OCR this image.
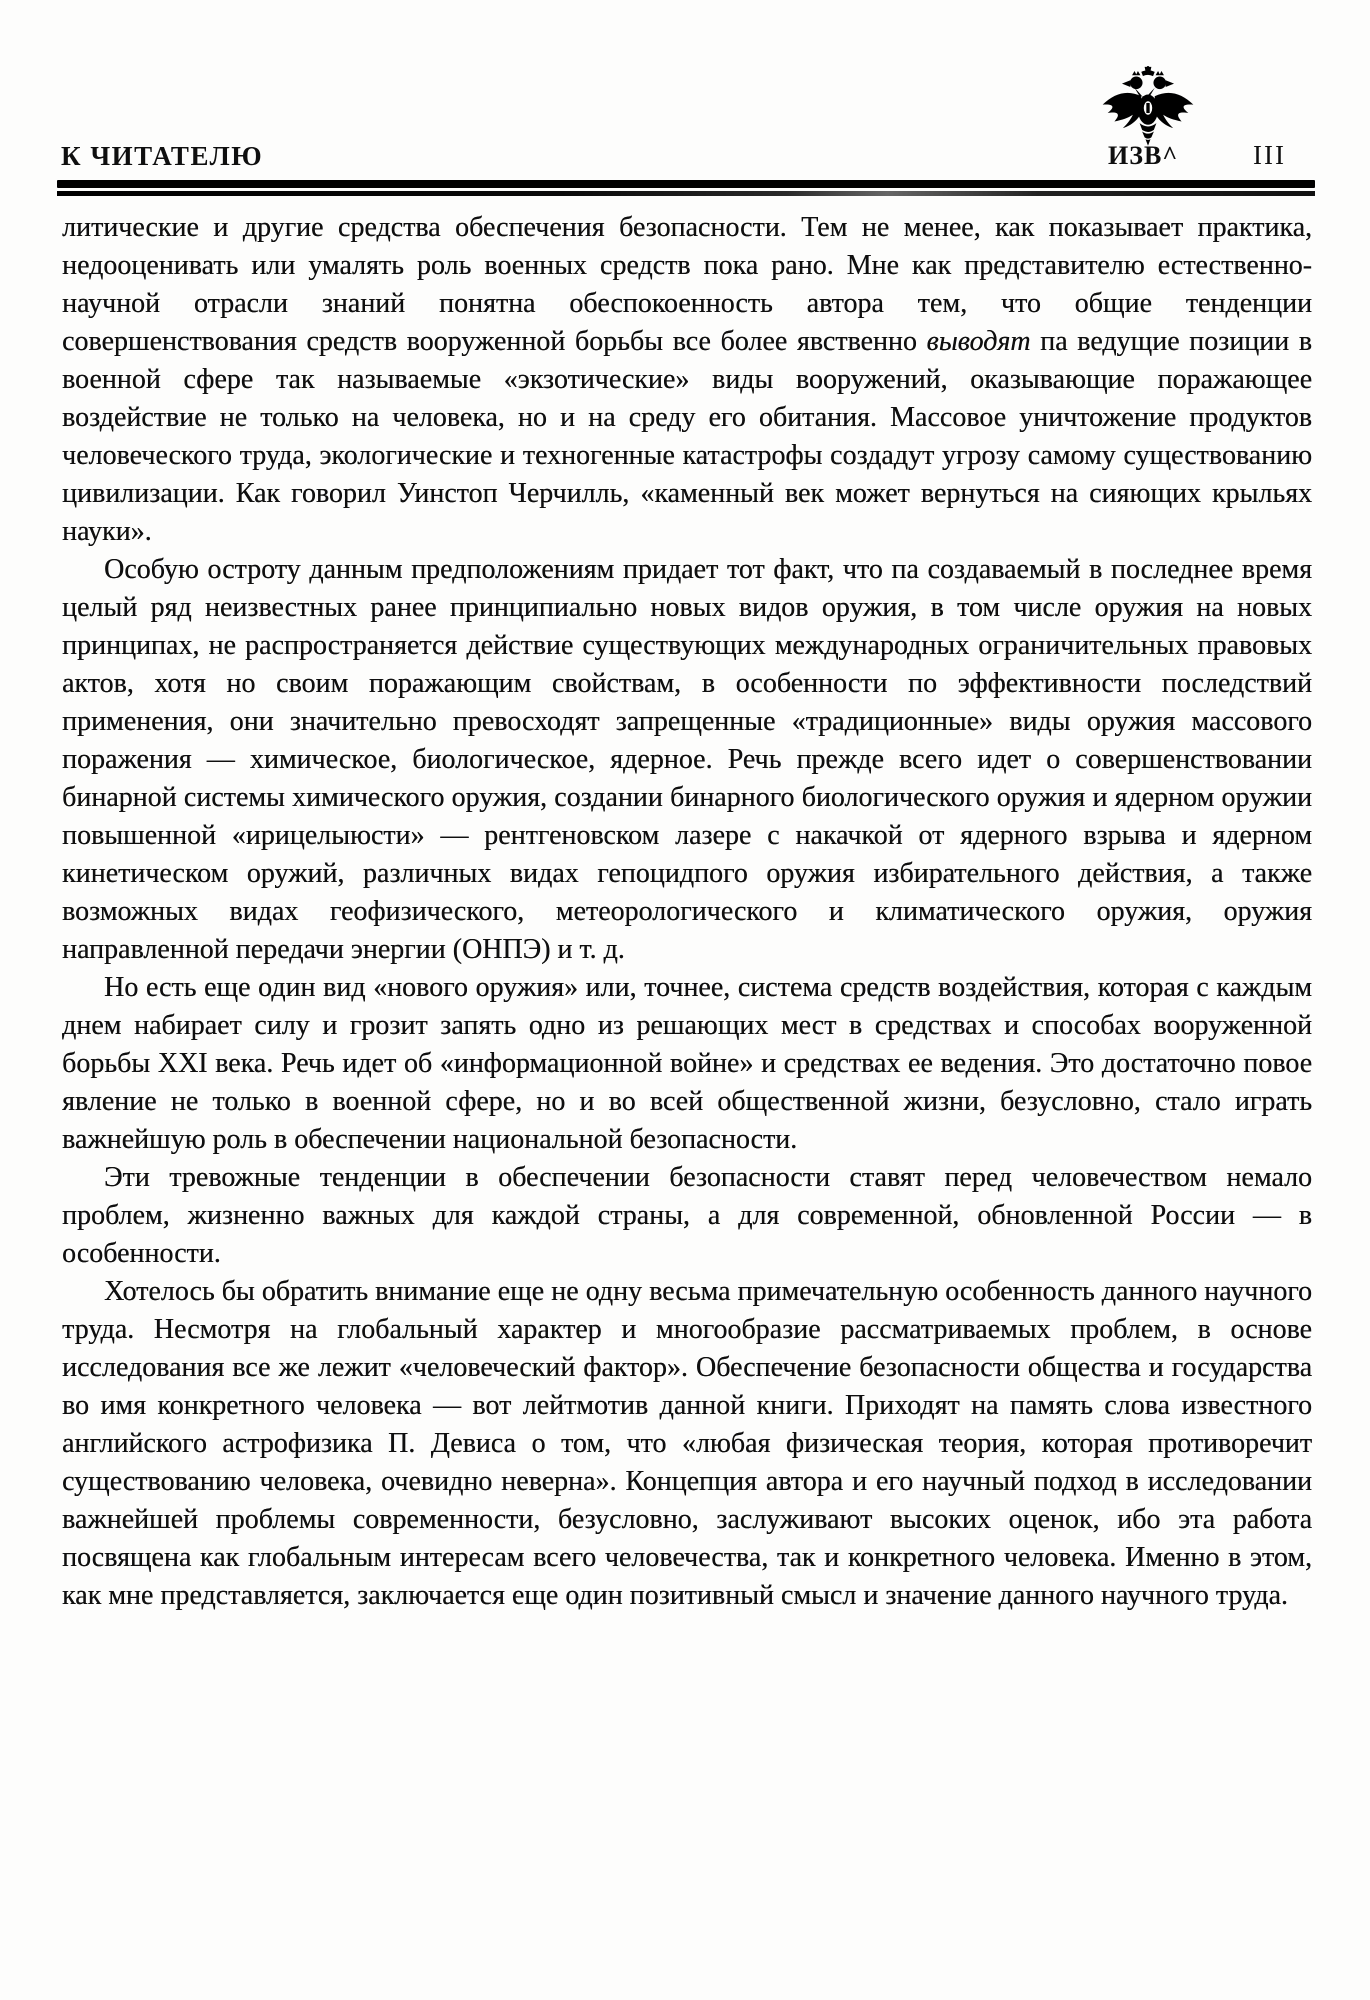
К ЧИТАТЕЛЮ	ИЗВ^	III

литические и другие средства обеспечения безопасности. Тем не менее, как показывает практика, недооценивать или умалять роль военных средств пока рано. Мне как представителю естественно-научной отрасли знаний понятна обеспокоенность автора тем, что общие тенденции совершенствования средств вооруженной борьбы все более явственно выводят па ведущие позиции в военной сфере так называемые «экзотические» виды вооружений, оказывающие поражающее воздействие не только на человека, но и на среду его обитания. Массовое уничтожение продуктов человеческого труда, экологические и техногенные катастрофы создадут угрозу самому существованию цивилизации. Как говорил Уинстоп Черчилль, «каменный век может вернуться на сияющих крыльях науки».

Особую остроту данным предположениям придает тот факт, что па создаваемый в последнее время целый ряд неизвестных ранее принципиально новых видов оружия, в том числе оружия на новых принципах, не распространяется действие существующих международных ограничительных правовых актов, хотя но своим поражающим свойствам, в особенности по эффективности последствий применения, они значительно превосходят запрещенные «традиционные» виды оружия массового поражения — химическое, биологическое, ядерное. Речь прежде всего идет о совершенствовании бинарной системы химического оружия, создании бинарного биологического оружия и ядерном оружии повышенной «ирицелыюсти» — рентгеновском лазере с накачкой от ядерного взрыва и ядерном кинетическом оружий, различных видах гепоцидпого оружия избирательного действия, а также возможных видах геофизического, метеорологического и климатического оружия, оружия направленной передачи энергии (ОНПЭ) и т. д.

Но есть еще один вид «нового оружия» или, точнее, система средств воздействия, которая с каждым днем набирает силу и грозит запять одно из решающих мест в средствах и способах вооруженной борьбы XXI века. Речь идет об «информационной войне» и средствах ее ведения. Это достаточно повое явление не только в военной сфере, но и во всей общественной жизни, безусловно, стало играть важнейшую роль в обеспечении национальной безопасности.

Эти тревожные тенденции в обеспечении безопасности ставят перед человечеством немало проблем, жизненно важных для каждой страны, а для современной, обновленной России — в особенности.

Хотелось бы обратить внимание еще не одну весьма примечательную особенность данного научного труда. Несмотря на глобальный характер и многообразие рассматриваемых проблем, в основе исследования все же лежит «человеческий фактор». Обеспечение безопасности общества и государства во имя конкретного человека — вот лейтмотив данной книги. Приходят на память слова известного английского астрофизика П. Девиса о том, что «любая физическая теория, которая противоречит существованию человека, очевидно неверна». Концепция автора и его научный подход в исследовании важнейшей проблемы современности, безусловно, заслуживают высоких оценок, ибо эта работа посвящена как глобальным интересам всего человечества, так и конкретного человека. Именно в этом, как мне представляется, заключается еще один позитивный смысл и значение данного научного труда.
